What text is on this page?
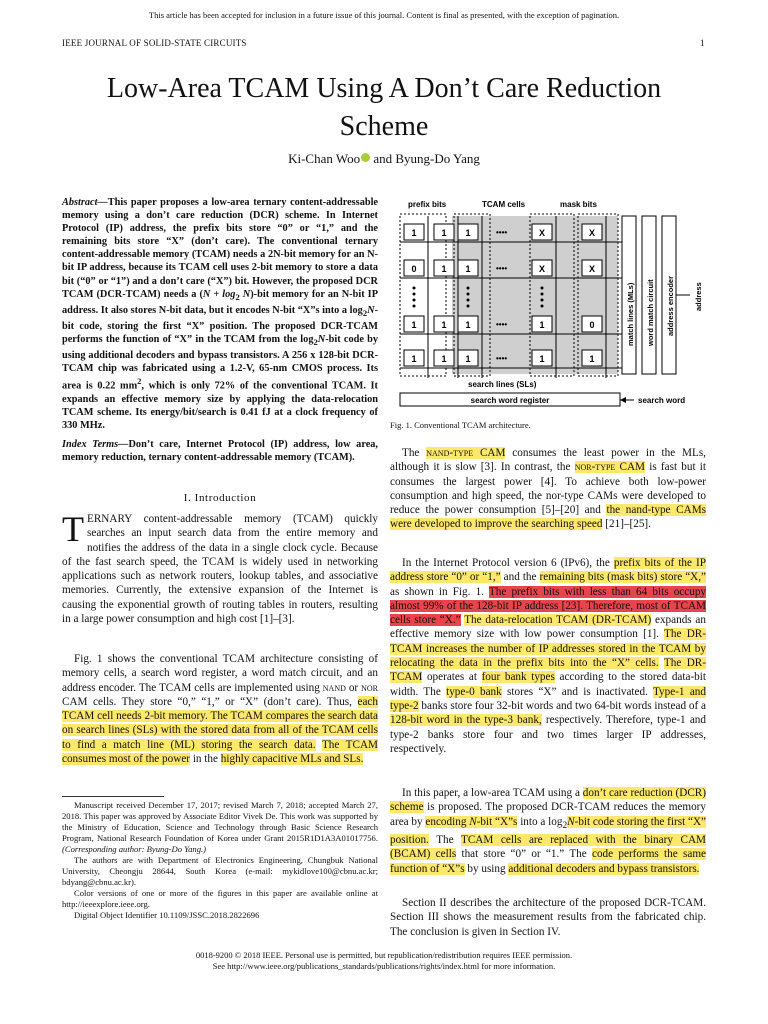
This article has been accepted for inclusion in a future issue of this journal. Content is final as presented, with the exception of pagination.
IEEE JOURNAL OF SOLID-STATE CIRCUITS	1
Low-Area TCAM Using A Don’t Care Reduction Scheme
Ki-Chan Woo and Byung-Do Yang
Abstract—This paper proposes a low-area ternary content-addressable memory using a don’t care reduction (DCR) scheme. In Internet Protocol (IP) address, the prefix bits store “0” or “1,” and the remaining bits store “X” (don’t care). The conventional ternary content-addressable memory (TCAM) needs a 2N-bit memory for an N-bit IP address, because its TCAM cell uses 2-bit memory to store a data bit (“0” or “1”) and a don’t care (“X”) bit. However, the proposed DCR TCAM (DCR-TCAM) needs a $(N + \log_2 N)-bit$ memory for an N-bit IP address. It also stores N-bit data, but it encodes N-bit “X”s into a $\log_2N$-bit code, storing the first “X” position. The proposed DCR-TCAM performs the function of “X” in the TCAM from the $\log_2N$-bit code by using additional decoders and bypass transistors. A 256 x 128-bit DCR-TCAM chip was fabricated using a 1.2-V, 65-nm CMOS process. Its area is 0.22 $mm^2$, which is only 72% of the conventional TCAM. It expands an effective memory size by applying the data-relocation TCAM scheme. Its energy/bit/search is 0.41 fJ at a clock frequency of 330 MHz.
Index Terms—Don’t care, Internet Protocol (IP) address, low area, memory reduction, ternary content-addressable memory (TCAM).
I. Introduction
TERNARY content-addressable memory (TCAM) quickly searches an input search data from the entire memory and notifies the address of the data in a single clock cycle. Because of the fast search speed, the TCAM is widely used in networking applications such as network routers, lookup tables, and associative memories. Currently, the extensive expansion of the Internet is causing the exponential growth of routing tables in routers, resulting in a large power consumption and high cost [1]–[3].
Fig. 1 shows the conventional TCAM architecture consisting of memory cells, a search word register, a word match circuit, and an address encoder. The TCAM cells are implemented using nand or nor CAM cells. They store “0,” “1,” or “X” (don’t care). Thus, each TCAM cell needs 2-bit memory. The TCAM compares the search data on search lines (SLs) with the stored data from all of the TCAM cells to find a match line (ML) storing the search data. The TCAM consumes most of the power in the highly capacitive MLs and SLs.

Manuscript received December 17, 2017; revised March 7, 2018; accepted March 27, 2018. This paper was approved by Associate Editor Vivek De. This work was supported by the Ministry of Education, Science and Technology through Basic Science Research Program, National Research Foundation of Korea under Grant 2015R1D1A3A01017756. (Corresponding author: Byung-Do Yang.)

The authors are with Department of Electronics Engineering, Chungbuk National University, Cheongju 28644, South Korea (e-mail: mykidlove100@cbnu.ac.kr; bdyang@cbnu.ac.kr).

Color versions of one or more of the figures in this paper are available online at http://ieeexplore.ieee.org.

Digital Object Identifier 10.1109/JSSC.2018.2822696

prefix bits	TCAM cells	mask bits
1	1 1	X	X
••••
0	1 1	X	X
••••
1	1 1	1	0
••••
1	1 1	1	1
••••
match lines (MLs) word match circuit address encoder	address
search lines (SLs)
search word register	search word
Fig. 1. Conventional TCAM architecture.
The nand-type CAM consumes the least power in the MLs, although it is slow [3]. In contrast, the nor-type CAM is fast but it consumes the largest power [4]. To achieve both low-power consumption and high speed, the nor-type CAMs were developed to reduce the power consumption [5]–[20] and the nand-type CAMs were developed to improve the searching speed [21]–[25].
In the Internet Protocol version 6 (IPv6), the prefix bits of the IP address store “0” or “1,” and the remaining bits (mask bits) store “X,” as shown in Fig. 1. The prefix bits with less than 64 bits occupy almost 99% of the 128-bit IP address [23]. Therefore, most of TCAM cells store “X.” The data-relocation TCAM (DR-TCAM) expands an effective memory size with low power consumption [1]. The DR-TCAM increases the number of IP addresses stored in the TCAM by relocating the data in the prefix bits into the “X” cells. The DR-TCAM operates at four bank types according to the stored data-bit width. The type-0 bank stores “X” and is inactivated. Type-1 and type-2 banks store four 32-bit words and two 64-bit words instead of a 128-bit word in the type-3 bank, respectively. Therefore, type-1 and type-2 banks store four and two times larger IP addresses, respectively.
In this paper, a low-area TCAM using a don’t care reduction (DCR) scheme is proposed. The proposed DCR-TCAM reduces the memory area by encoding N-bit “X”s into a $\log_2N$-bit code storing the first “X” position. The TCAM cells are replaced with the binary CAM (BCAM) cells that store “0” or “1.” The code performs the same function of “X”s by using additional decoders and bypass transistors.
Section II describes the architecture of the proposed DCR-TCAM. Section III shows the measurement results from the fabricated chip. The conclusion is given in Section IV.
0018-9200 © 2018 IEEE. Personal use is permitted, but republication/redistribution requires IEEE permission.
See http://www.ieee.org/publications_standards/publications/rights/index.html for more information.
